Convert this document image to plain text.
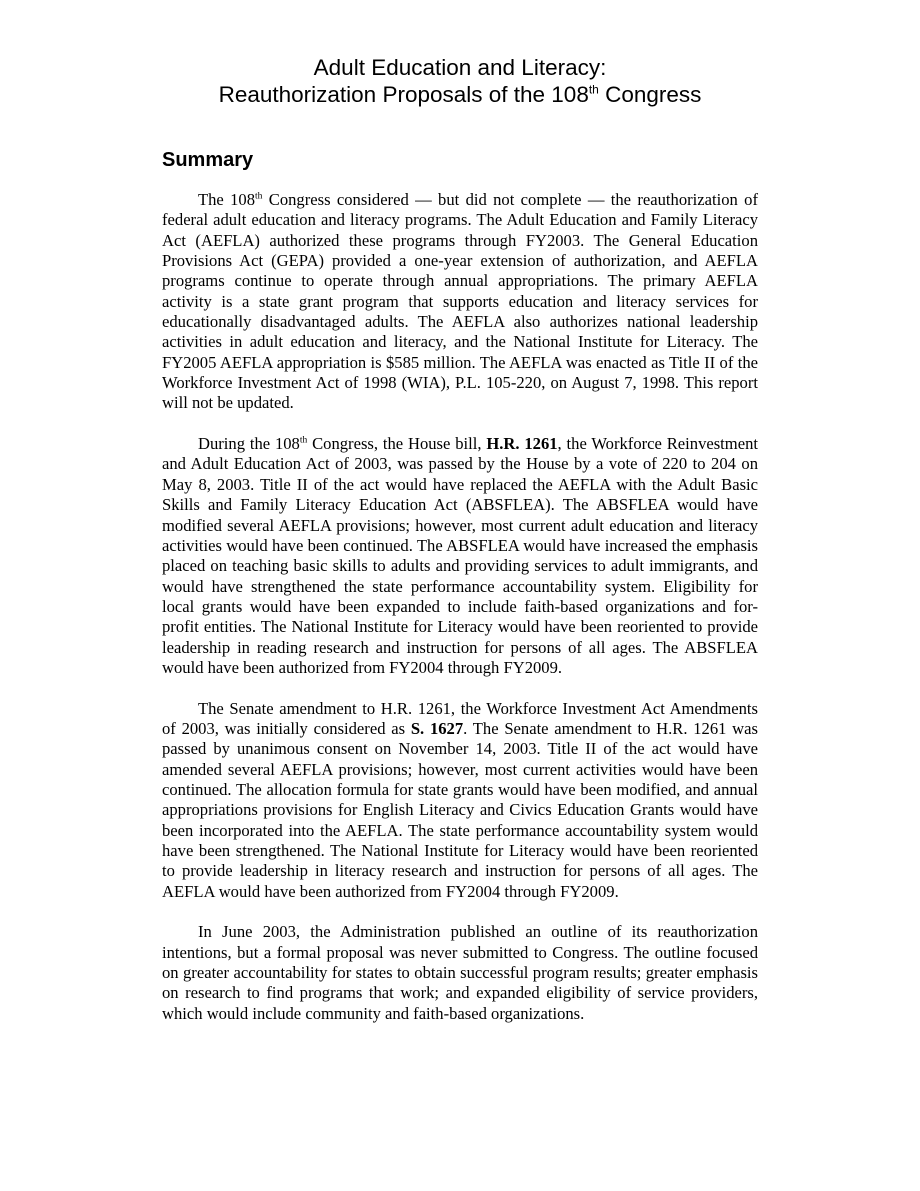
Adult Education and Literacy:
Reauthorization Proposals of the 108th Congress
Summary

The 108th Congress considered — but did not complete — the reauthorization of federal adult education and literacy programs. The Adult Education and Family Literacy Act (AEFLA) authorized these programs through FY2003. The General Education Provisions Act (GEPA) provided a one-year extension of authorization, and AEFLA programs continue to operate through annual appropriations. The primary AEFLA activity is a state grant program that supports education and literacy services for educationally disadvantaged adults. The AEFLA also authorizes national leadership activities in adult education and literacy, and the National Institute for Literacy. The FY2005 AEFLA appropriation is $585 million. The AEFLA was enacted as Title II of the Workforce Investment Act of 1998 (WIA), P.L. 105-220, on August 7, 1998. This report will not be updated.

During the 108th Congress, the House bill, H.R. 1261, the Workforce Reinvestment and Adult Education Act of 2003, was passed by the House by a vote of 220 to 204 on May 8, 2003. Title II of the act would have replaced the AEFLA with the Adult Basic Skills and Family Literacy Education Act (ABSFLEA). The ABSFLEA would have modified several AEFLA provisions; however, most current adult education and literacy activities would have been continued. The ABSFLEA would have increased the emphasis placed on teaching basic skills to adults and providing services to adult immigrants, and would have strengthened the state performance accountability system. Eligibility for local grants would have been expanded to include faith-based organizations and for-profit entities. The National Institute for Literacy would have been reoriented to provide leadership in reading research and instruction for persons of all ages. The ABSFLEA would have been authorized from FY2004 through FY2009.

The Senate amendment to H.R. 1261, the Workforce Investment Act Amendments of 2003, was initially considered as S. 1627. The Senate amendment to H.R. 1261 was passed by unanimous consent on November 14, 2003. Title II of the act would have amended several AEFLA provisions; however, most current activities would have been continued. The allocation formula for state grants would have been modified, and annual appropriations provisions for English Literacy and Civics Education Grants would have been incorporated into the AEFLA. The state performance accountability system would have been strengthened. The National Institute for Literacy would have been reoriented to provide leadership in literacy research and instruction for persons of all ages. The AEFLA would have been authorized from FY2004 through FY2009.

In June 2003, the Administration published an outline of its reauthorization intentions, but a formal proposal was never submitted to Congress. The outline focused on greater accountability for states to obtain successful program results; greater emphasis on research to find programs that work; and expanded eligibility of service providers, which would include community and faith-based organizations.
